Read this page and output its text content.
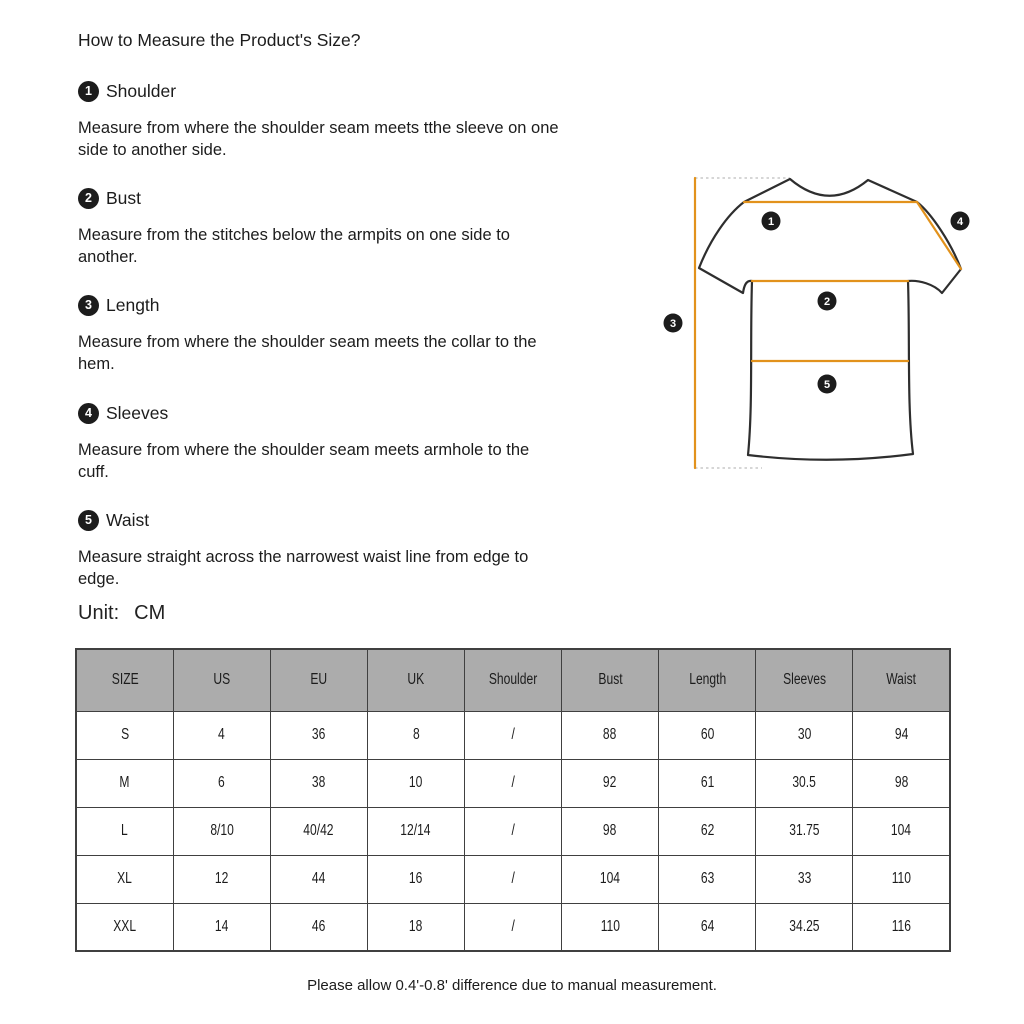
How to Measure the Product's Size?
1 Shoulder

Measure from where the shoulder seam meets tthe sleeve on one
side to another side.

2 Bust

Measure from the stitches below the armpits on one side to
another.

3 Length

Measure from where the shoulder seam meets the collar to the
hem.

4 Sleeves

Measure from where the shoulder seam meets armhole to the
cuff.

5 Waist

Measure straight across the narrowest waist line from edge to
edge.

Unit: CM
1
2
3
4
5
SIZE	US	EU	UK	Shoulder	Bust	Length	Sleeves	Waist
S	4	36	8	/	88	60	30	94
M	6	38	10	/	92	61	30.5	98
L	8/10	40/42	12/14	/	98	62	31.75	104
XL	12	44	16	/	104	63	33	110
XXL	14	46	18	/	110	64	34.25	116
Please allow 0.4'-0.8' difference due to manual measurement.
